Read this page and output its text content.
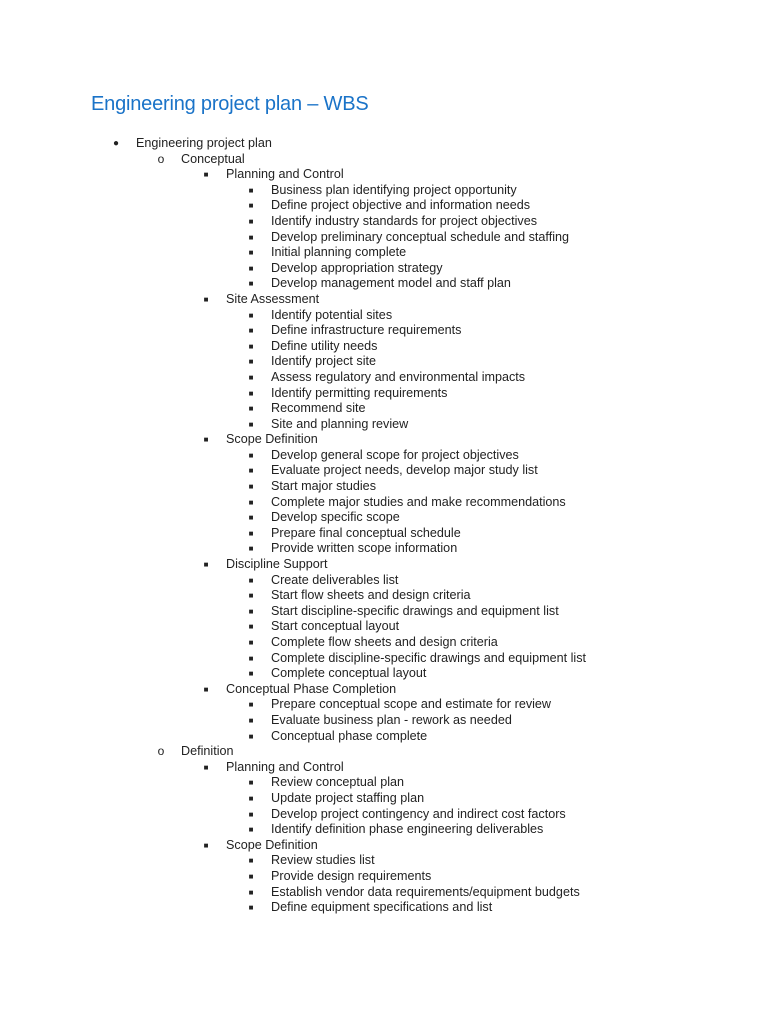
Engineering project plan – WBS
● Engineering project plan
o Conceptual
■ Planning and Control
■ Business plan identifying project opportunity
■ Define project objective and information needs
■ Identify industry standards for project objectives
■ Develop preliminary conceptual schedule and staffing
■ Initial planning complete
■ Develop appropriation strategy
■ Develop management model and staff plan
■ Site Assessment
■ Identify potential sites
■ Define infrastructure requirements
■ Define utility needs
■ Identify project site
■ Assess regulatory and environmental impacts
■ Identify permitting requirements
■ Recommend site
■ Site and planning review
■ Scope Definition
■ Develop general scope for project objectives
■ Evaluate project needs, develop major study list
■ Start major studies
■ Complete major studies and make recommendations
■ Develop specific scope
■ Prepare final conceptual schedule
■ Provide written scope information
■ Discipline Support
■ Create deliverables list
■ Start flow sheets and design criteria
■ Start discipline-specific drawings and equipment list
■ Start conceptual layout
■ Complete flow sheets and design criteria
■ Complete discipline-specific drawings and equipment list
■ Complete conceptual layout
■ Conceptual Phase Completion
■ Prepare conceptual scope and estimate for review
■ Evaluate business plan - rework as needed
■ Conceptual phase complete
o Definition
■ Planning and Control
■ Review conceptual plan
■ Update project staffing plan
■ Develop project contingency and indirect cost factors
■ Identify definition phase engineering deliverables
■ Scope Definition
■ Review studies list
■ Provide design requirements
■ Establish vendor data requirements/equipment budgets
■ Define equipment specifications and list
